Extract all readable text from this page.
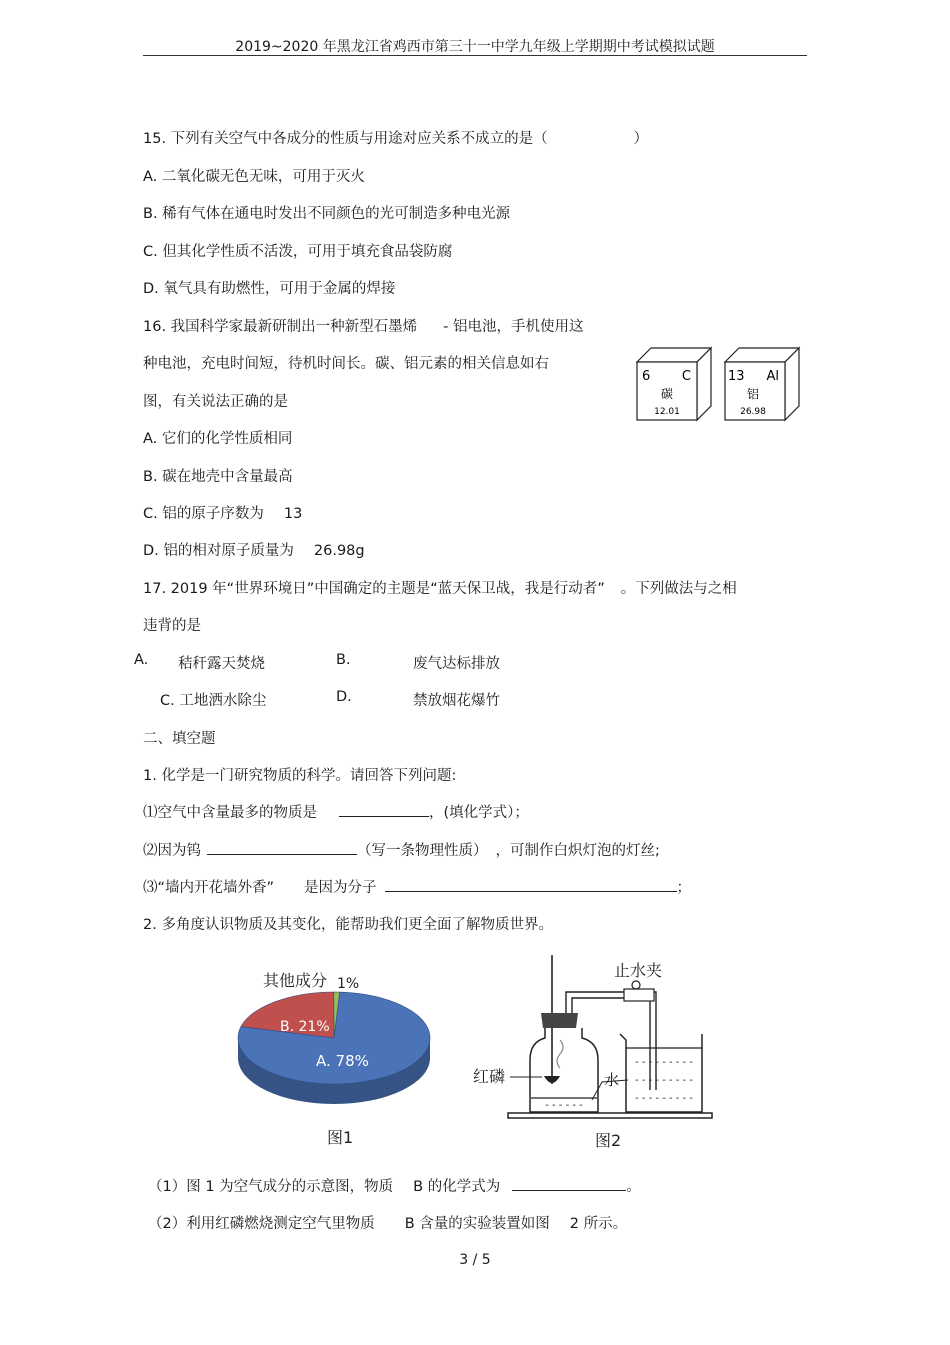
2019~2020 年黑龙江省鸡西市第三十一中学九年级上学期期中考试模拟试题
15. 下列有关空气中各成分的性质与用途对应关系不成立的是（	）
A. 二氧化碳无色无味，可用于灭火
B. 稀有气体在通电时发出不同颜色的光可制造多种电光源
C. 但其化学性质不活泼，可用于填充食品袋防腐
D. 氧气具有助燃性，可用于金属的焊接
16. 我国科学家最新研制出一种新型石墨烯 - 铝电池，手机使用这
种电池，充电时间短，待机时间长。碳、铝元素的相关信息如右
图，有关说法正确的是
A. 它们的化学性质相同
B. 碳在地壳中含量最高
C. 铝的原子序数为 13
D. 铝的相对原子质量为 26.98g
6 C
碳
12.01
13 Al
铝
26.98
17. 2019 年“世界环境日”中国确定的主题是“蓝天保卫战，我是行动者” 。下列做法与之相
违背的是
A. 秸秆露天焚烧	B.	废气达标排放
C. 工地洒水除尘	D.	禁放烟花爆竹
二、填空题
1. 化学是一门研究物质的科学。请回答下列问题:
⑴空气中含量最多的物质是	，(填化学式）；
⑵因为钨	（写一条物理性质） ，可制作白炽灯泡的灯丝;
⑶“墙内开花墙外香” 是因为分子	；
2. 多角度认识物质及其变化，能帮助我们更全面了解物质世界。
其他成分 1%
B. 21%
A. 78%
图1
- - - - - -
- - - - - - - - -
- - - - - - - - -
- - - - - - - - -
止水夹
红磷	水
图2
（1）图 1 为空气成分的示意图，物质 B 的化学式为	。
（2）利用红磷燃烧测定空气里物质 B 含量的实验装置如图 2 所示。
3 / 5
